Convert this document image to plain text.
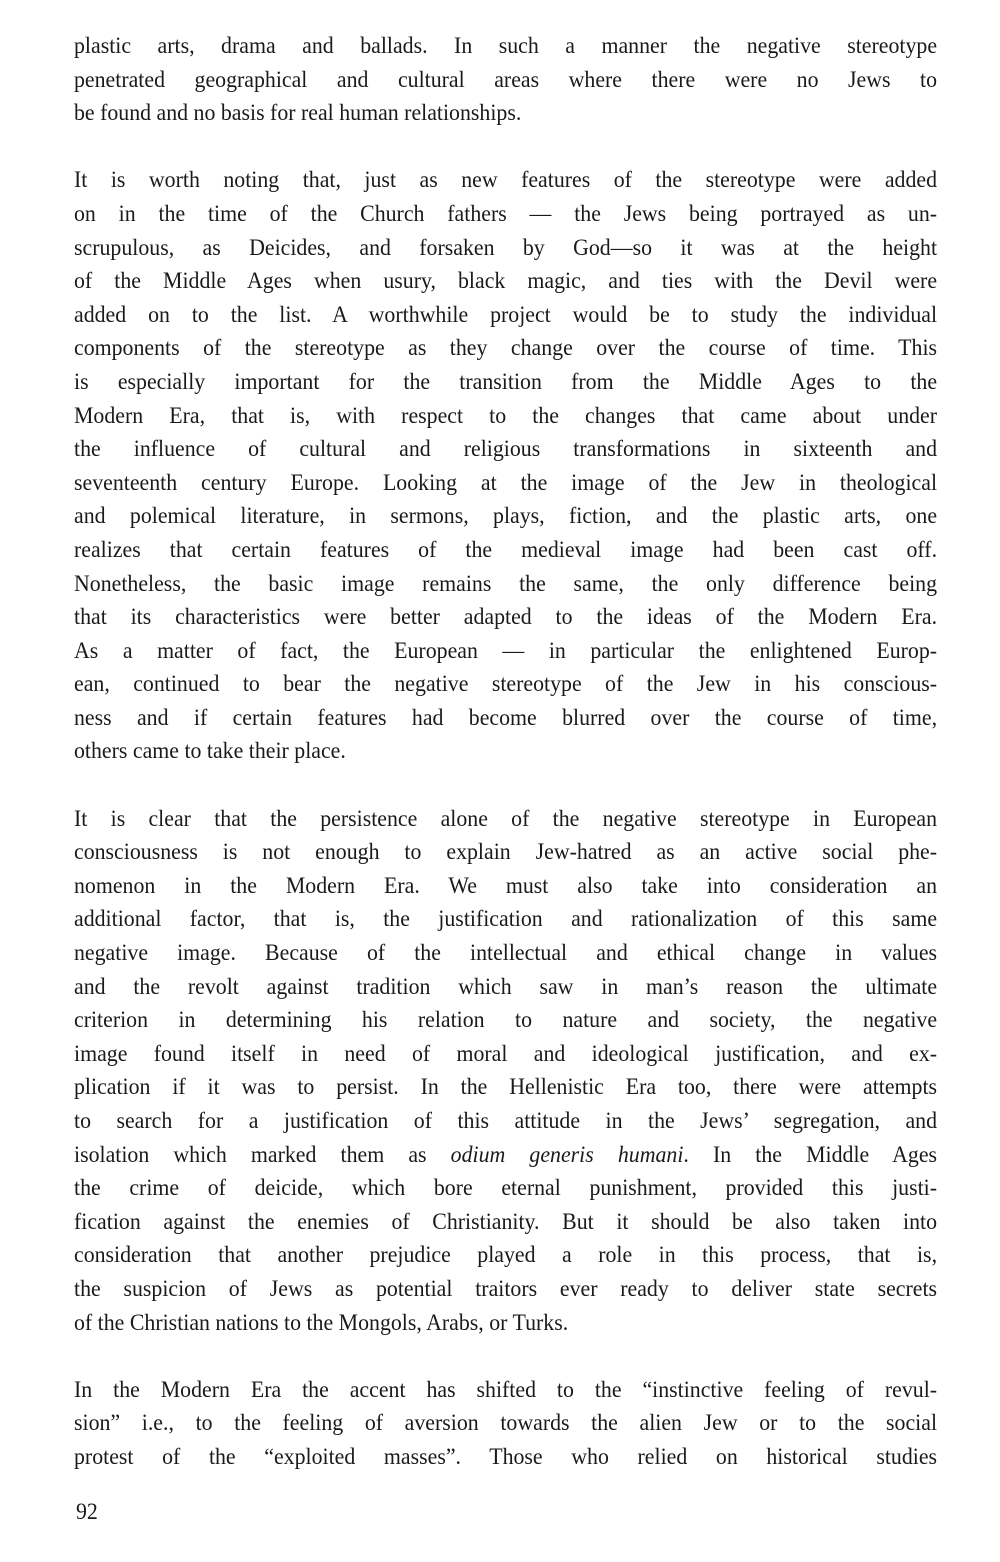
plastic arts, drama and ballads. In such a manner the negative stereotype
penetrated geographical and cultural areas where there were no Jews to
be found and no basis for real human relationships.
It is worth noting that, just as new features of the stereotype were added
on in the time of the Church fathers — the Jews being portrayed as un-
scrupulous, as Deicides, and forsaken by God—so it was at the height
of the Middle Ages when usury, black magic, and ties with the Devil were
added on to the list. A worthwhile project would be to study the individual
components of the stereotype as they change over the course of time. This
is especially important for the transition from the Middle Ages to the
Modern Era, that is, with respect to the changes that came about under
the influence of cultural and religious transformations in sixteenth and
seventeenth century Europe. Looking at the image of the Jew in theological
and polemical literature, in sermons, plays, fiction, and the plastic arts, one
realizes that certain features of the medieval image had been cast off.
Nonetheless, the basic image remains the same, the only difference being
that its characteristics were better adapted to the ideas of the Modern Era.
As a matter of fact, the European — in particular the enlightened Europ-
ean, continued to bear the negative stereotype of the Jew in his conscious-
ness and if certain features had become blurred over the course of time,
others came to take their place.
It is clear that the persistence alone of the negative stereotype in European
consciousness is not enough to explain Jew-hatred as an active social phe-
nomenon in the Modern Era. We must also take into consideration an
additional factor, that is, the justification and rationalization of this same
negative image. Because of the intellectual and ethical change in values
and the revolt against tradition which saw in man’s reason the ultimate
criterion in determining his relation to nature and society, the negative
image found itself in need of moral and ideological justification, and ex-
plication if it was to persist. In the Hellenistic Era too, there were attempts
to search for a justification of this attitude in the Jews’ segregation, and
isolation which marked them as odium generis humani. In the Middle Ages
the crime of deicide, which bore eternal punishment, provided this justi-
fication against the enemies of Christianity. But it should be also taken into
consideration that another prejudice played a role in this process, that is,
the suspicion of Jews as potential traitors ever ready to deliver state secrets
of the Christian nations to the Mongols, Arabs, or Turks.
In the Modern Era the accent has shifted to the “instinctive feeling of revul-
sion” i.e., to the feeling of aversion towards the alien Jew or to the social
protest of the “exploited masses”. Those who relied on historical studies
92
